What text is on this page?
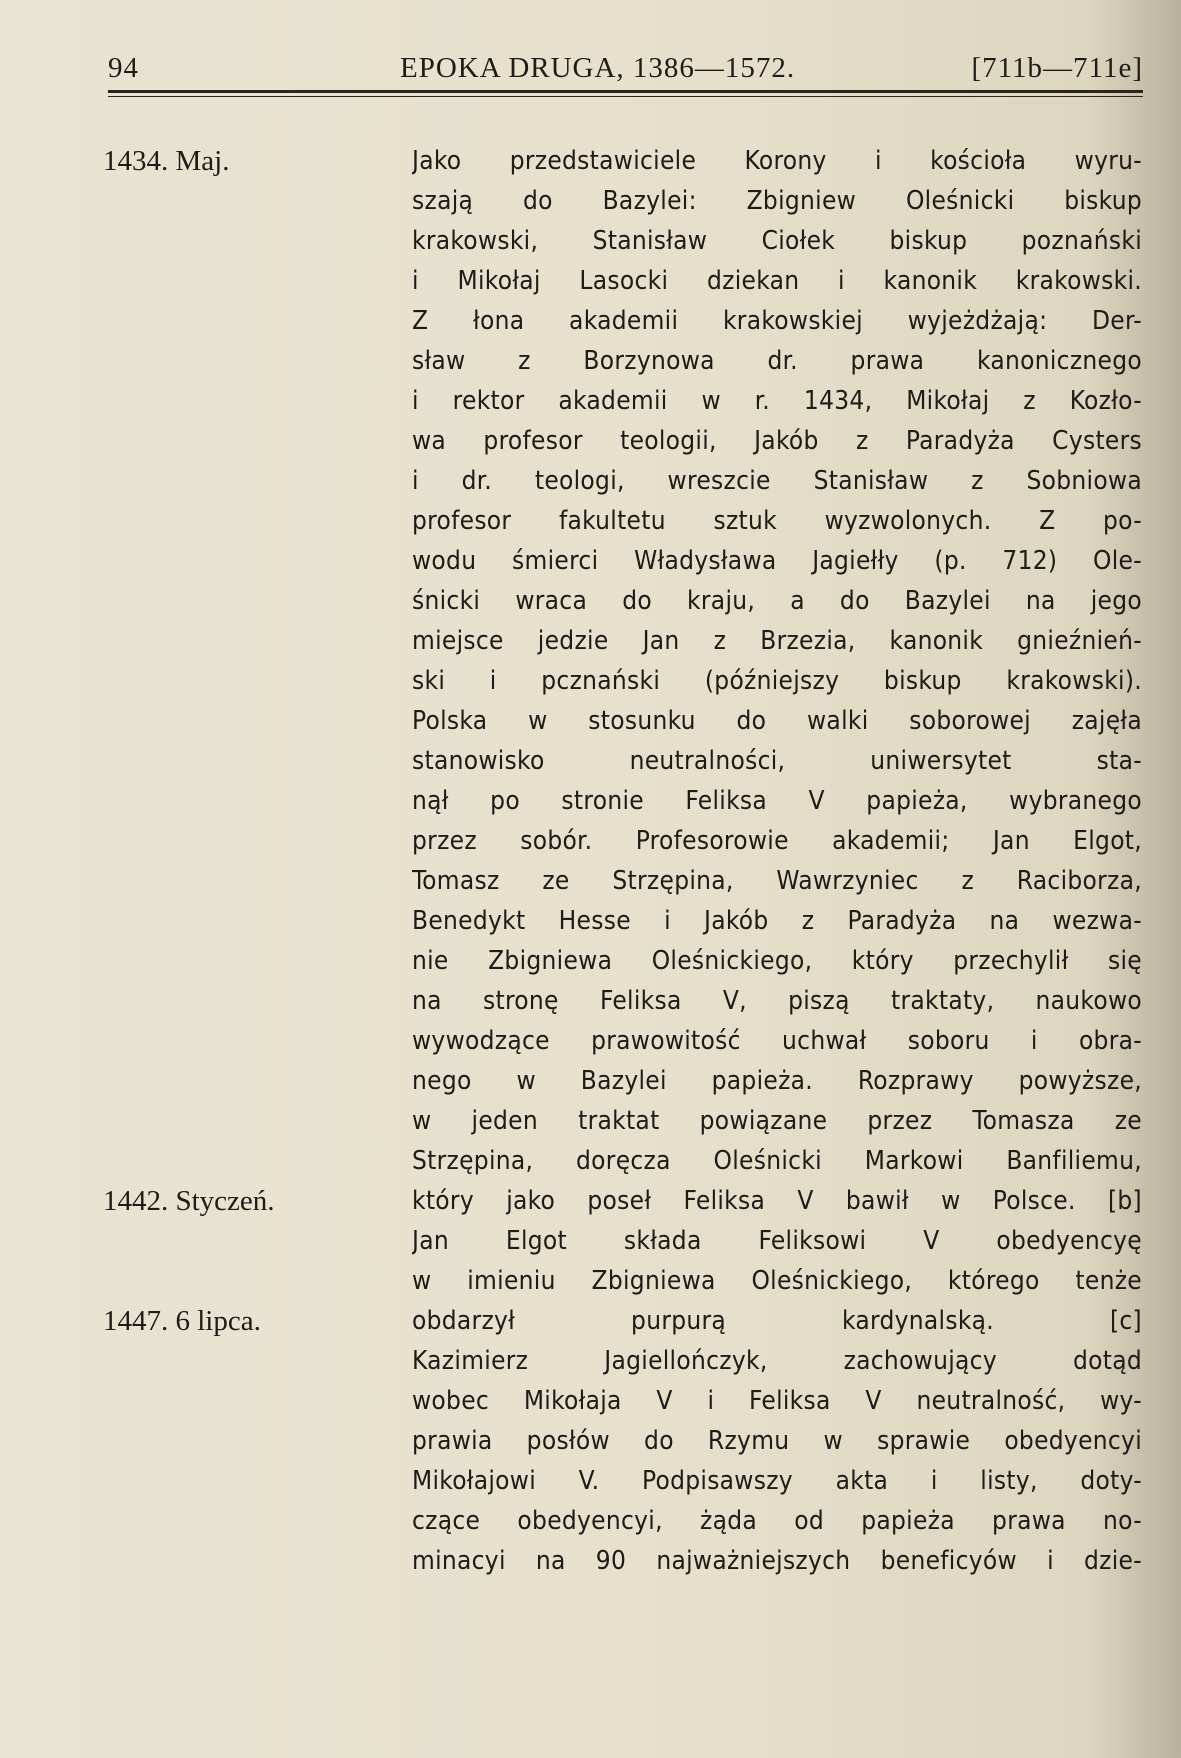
94	EPOKA DRUGA, 1386—1572.	[711b—711e]
1434. Maj.
1442. Styczeń.
1447. 6 lipca.
Jako przedstawiciele Korony i kościoła wyru-
szają do Bazylei: Zbigniew Oleśnicki biskup
krakowski, Stanisław Ciołek biskup poznański
i Mikołaj Lasocki dziekan i kanonik krakowski.
Z łona akademii krakowskiej wyjeżdżają: Der-
sław z Borzynowa dr. prawa kanonicznego
i rektor akademii w r. 1434, Mikołaj z Kozło-
wa profesor teologii, Jakób z Paradyża Cysters
i dr. teologi, wreszcie Stanisław z Sobniowa
profesor fakultetu sztuk wyzwolonych. Z po-
wodu śmierci Władysława Jagiełły (p. 712) Ole-
śnicki wraca do kraju, a do Bazylei na jego
miejsce jedzie Jan z Brzezia, kanonik gnieźnień-
ski i pcznański (późniejszy biskup krakowski).
Polska w stosunku do walki soborowej zajęła
stanowisko neutralności, uniwersytet sta-
nął po stronie Feliksa V papieża, wybranego
przez sobór. Profesorowie akademii; Jan Elgot,
Tomasz ze Strzępina, Wawrzyniec z Raciborza,
Benedykt Hesse i Jakób z Paradyża na wezwa-
nie Zbigniewa Oleśnickiego, który przechylił się
na stronę Feliksa V, piszą traktaty, naukowo
wywodzące prawowitość uchwał soboru i obra-
nego w Bazylei papieża. Rozprawy powyższe,
w jeden traktat powiązane przez Tomasza ze
Strzępina, doręcza Oleśnicki Markowi Banfiliemu,
który jako poseł Feliksa V bawił w Polsce. [b]
Jan Elgot składa Feliksowi V obedyencyę
w imieniu Zbigniewa Oleśnickiego, którego tenże
obdarzył purpurą kardynalską. [c]
Kazimierz Jagiellończyk, zachowujący dotąd
wobec Mikołaja V i Feliksa V neutralność, wy-
prawia posłów do Rzymu w sprawie obedyencyi
Mikołajowi V. Podpisawszy akta i listy, doty-
czące obedyencyi, żąda od papieża prawa no-
minacyi na 90 najważniejszych beneficyów i dzie-
